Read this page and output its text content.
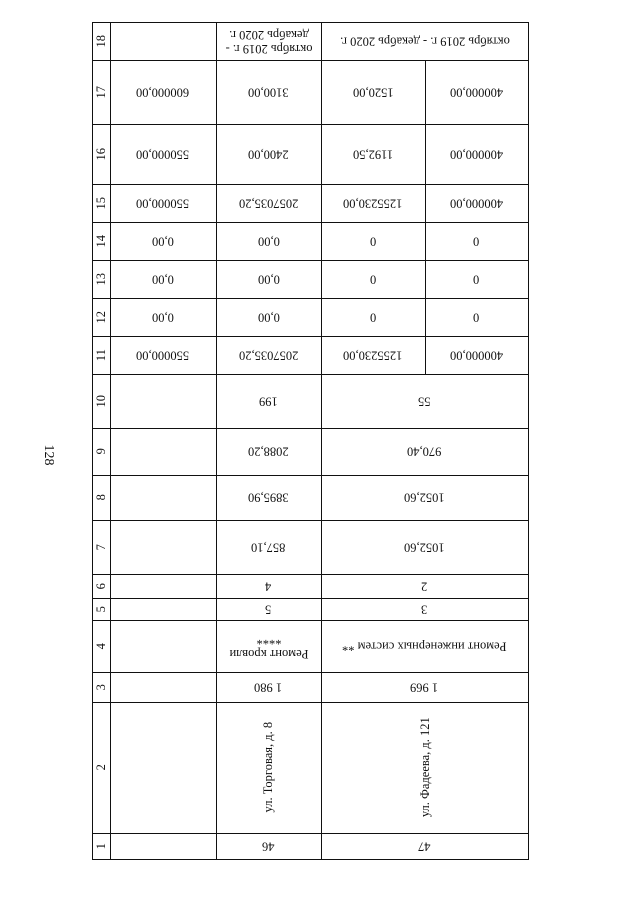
128
18
17
16
15
14
13
12
11
10
9
8
7
6
5
4
3
2
1
600000,00
550000,00
550000,00
0,00
0,00
0,00
550000,00
октябрь 2019 г. - декабрь 2020 г.
3100,00
2400,00
2057035,20
0,00
0,00
0,00
2057035,20
199
2088,20
3895,90
857,10
4
5
Ремонт кровли ****
1 980
ул. Торговая, д. 8
46
октябрь 2019 г. - декабрь 2020 г.
1520,00
1192,50
1255230,00
0
0
0
1255230,00
400000,00
400000,00
400000,00
0
0
0
400000,00
55
970,40
1052,60
1052,60
2
3
Ремонт инженерных систем **
1 969
ул. Фадеева, д. 121
47
